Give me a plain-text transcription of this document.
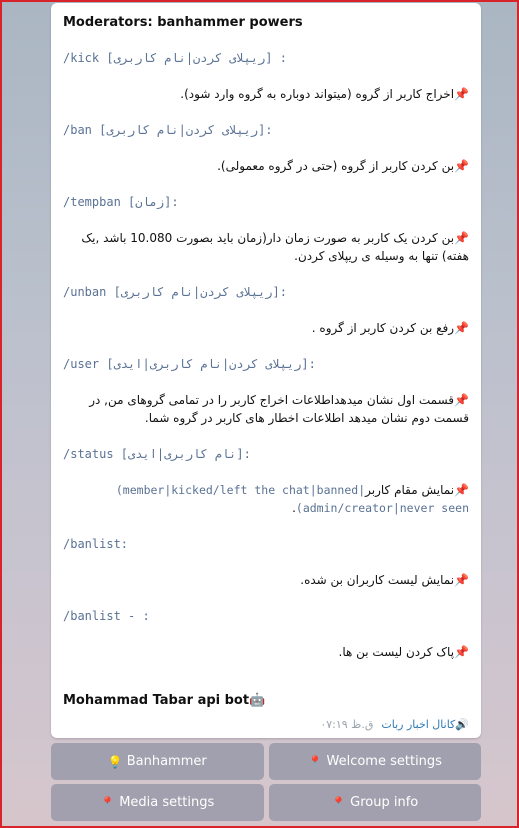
Moderators: banhammer powers
/kick [ریپلای کردن|نام کاربری] :
📌اخراج کاربر از گروه (میتواند دوباره به گروه وارد شود).
/ban [ریپلای کردن|نام کاربری]:
📌بن کردن کاربر از گروه (حتی در گروه معمولی).
/tempban [زمان]:
📌بن کردن یک کاربر به صورت زمان دار(زمان باید بصورت 10.080 باشد ,یک هفته) تنها به وسیله ی ریپلای کردن.
/unban [ریپلای کردن|نام کاربری]:
📌رفع بن کردن کاربر از گروه .
/user [ریپلای کردن|نام کاربری|ایدی]:
📌قسمت اول نشان میدهداطلاعات اخراج کاربر را در تمامی گروهای من, در قسمت دوم نشان میدهد اطلاعات اخطار های کاربر در گروه شما.
/status [نام کاربری|ایدی]:
📌نمایش مقام کاربر(member|kicked/left the chat|banned|
(admin/creator|never seen.
/banlist:
📌نمایش لیست کاربران بن شده.
/banlist - :
📌پاک کردن لیست بن ها.
Mohammad Tabar api bot🤖
ق.ظ ۰۷:۱۹ کانال اخبار ربات🔊
💡 Banhammer	📍 Welcome settings
📍 Media settings	📍 Group info
